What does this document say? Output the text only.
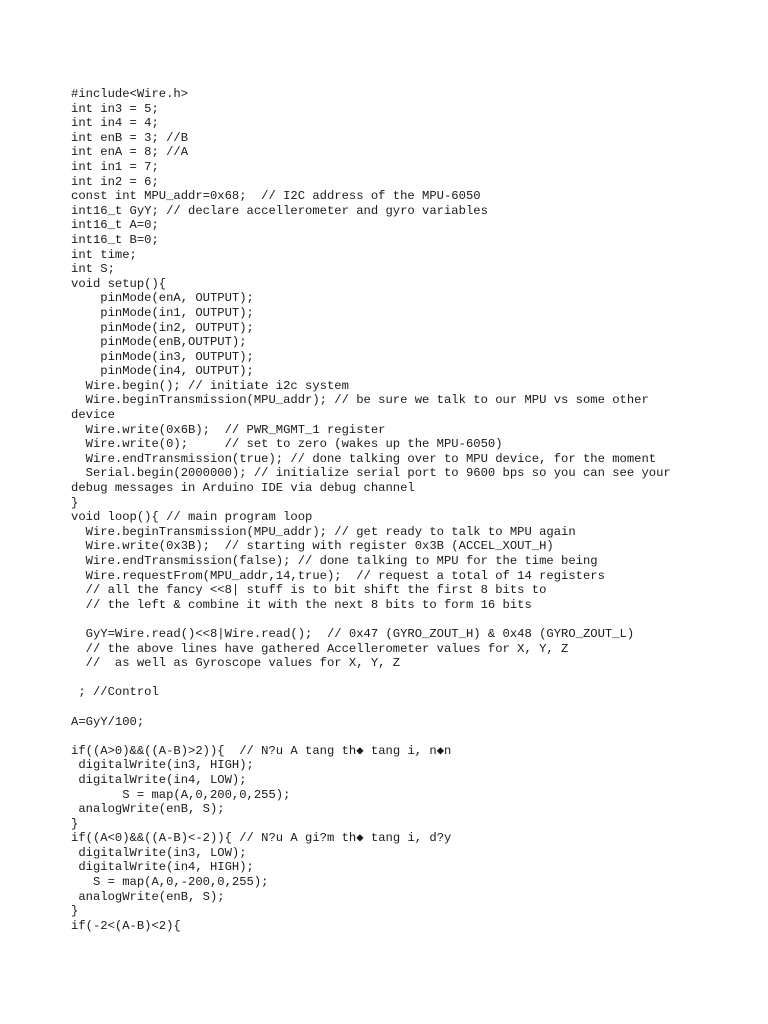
#include<Wire.h>
int in3 = 5;
int in4 = 4;
int enB = 3; //B
int enA = 8; //A
int in1 = 7;
int in2 = 6;
const int MPU_addr=0x68;  // I2C address of the MPU-6050
int16_t GyY; // declare accellerometer and gyro variables
int16_t A=0;
int16_t B=0;
int time;
int S;
void setup(){
pinMode(enA, OUTPUT);
pinMode(in1, OUTPUT);
pinMode(in2, OUTPUT);
pinMode(enB,OUTPUT);
pinMode(in3, OUTPUT);
pinMode(in4, OUTPUT);
Wire.begin(); // initiate i2c system
Wire.beginTransmission(MPU_addr); // be sure we talk to our MPU vs some other
device
Wire.write(0x6B);  // PWR_MGMT_1 register
Wire.write(0);     // set to zero (wakes up the MPU-6050)
Wire.endTransmission(true); // done talking over to MPU device, for the moment
Serial.begin(2000000); // initialize serial port to 9600 bps so you can see your
debug messages in Arduino IDE via debug channel
}
void loop(){ // main program loop
Wire.beginTransmission(MPU_addr); // get ready to talk to MPU again
Wire.write(0x3B);  // starting with register 0x3B (ACCEL_XOUT_H)
Wire.endTransmission(false); // done talking to MPU for the time being
Wire.requestFrom(MPU_addr,14,true);  // request a total of 14 registers
// all the fancy <<8| stuff is to bit shift the first 8 bits to
// the left & combine it with the next 8 bits to form 16 bits
GyY=Wire.read()<<8|Wire.read();  // 0x47 (GYRO_ZOUT_H) & 0x48 (GYRO_ZOUT_L)
// the above lines have gathered Accellerometer values for X, Y, Z
//  as well as Gyroscope values for X, Y, Z
; //Control
A=GyY/100;
if((A>0)&&((A-B)>2)){  // N?u A tang th◆ tang i, n◆n
digitalWrite(in3, HIGH);
digitalWrite(in4, LOW);
S = map(A,0,200,0,255);
analogWrite(enB, S);
}
if((A<0)&&((A-B)<-2)){ // N?u A gi?m th◆ tang i, d?y
digitalWrite(in3, LOW);
digitalWrite(in4, HIGH);
S = map(A,0,-200,0,255);
analogWrite(enB, S);
}
if(-2<(A-B)<2){
